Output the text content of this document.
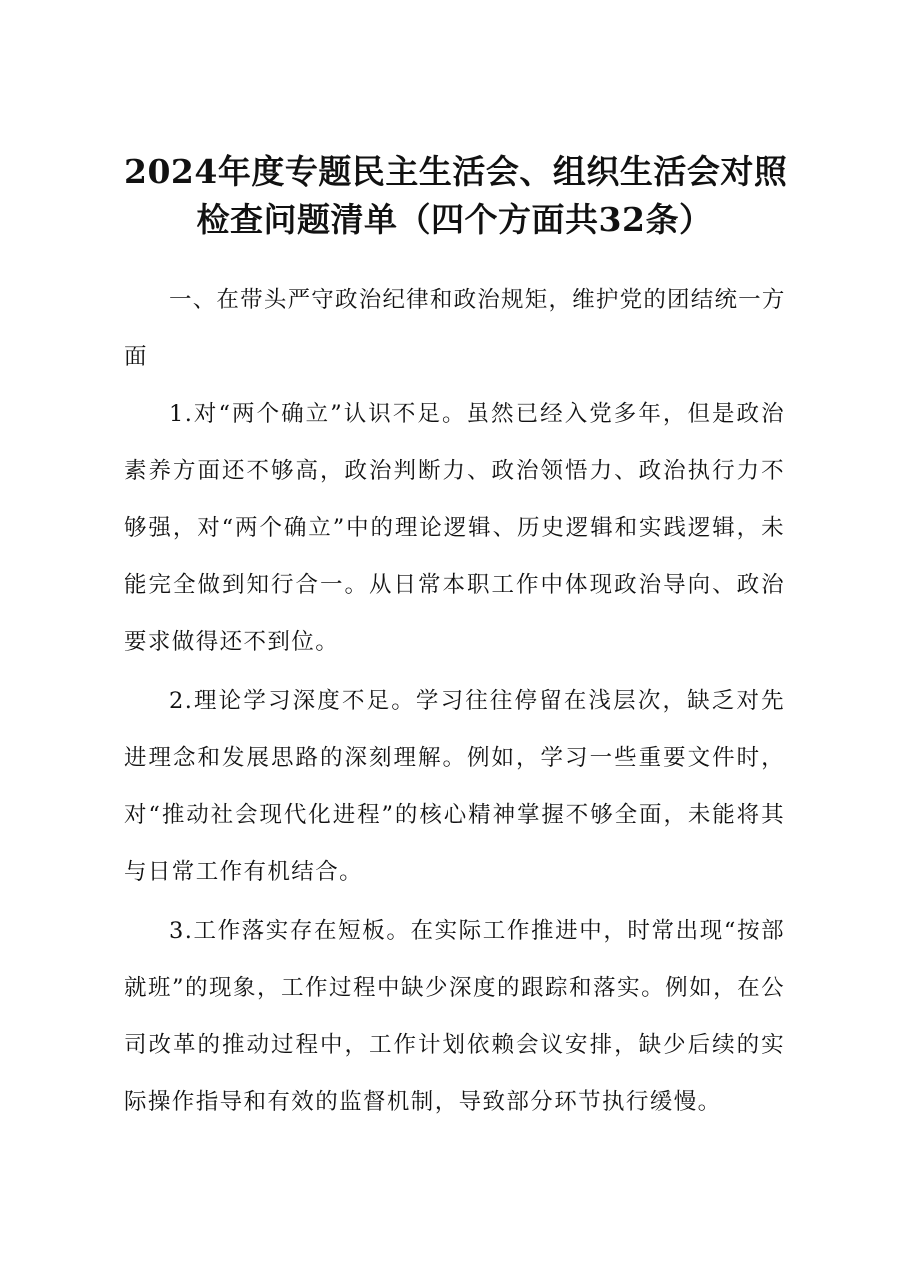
2024年度专题民主生活会、组织生活会对照
检查问题清单（四个方面共32条）

一、在带头严守政治纪律和政治规矩，维护党的团结统一方面

1.对“两个确立”认识不足。虽然已经入党多年，但是政治素养方面还不够高，政治判断力、政治领悟力、政治执行力不够强，对“两个确立”中的理论逻辑、历史逻辑和实践逻辑，未能完全做到知行合一。从日常本职工作中体现政治导向、政治要求做得还不到位。

2.理论学习深度不足。学习往往停留在浅层次，缺乏对先进理念和发展思路的深刻理解。例如，学习一些重要文件时，对“推动社会现代化进程”的核心精神掌握不够全面，未能将其与日常工作有机结合。

3.工作落实存在短板。在实际工作推进中，时常出现“按部就班”的现象，工作过程中缺少深度的跟踪和落实。例如，在公司改革的推动过程中，工作计划依赖会议安排，缺少后续的实际操作指导和有效的监督机制，导致部分环节执行缓慢。
